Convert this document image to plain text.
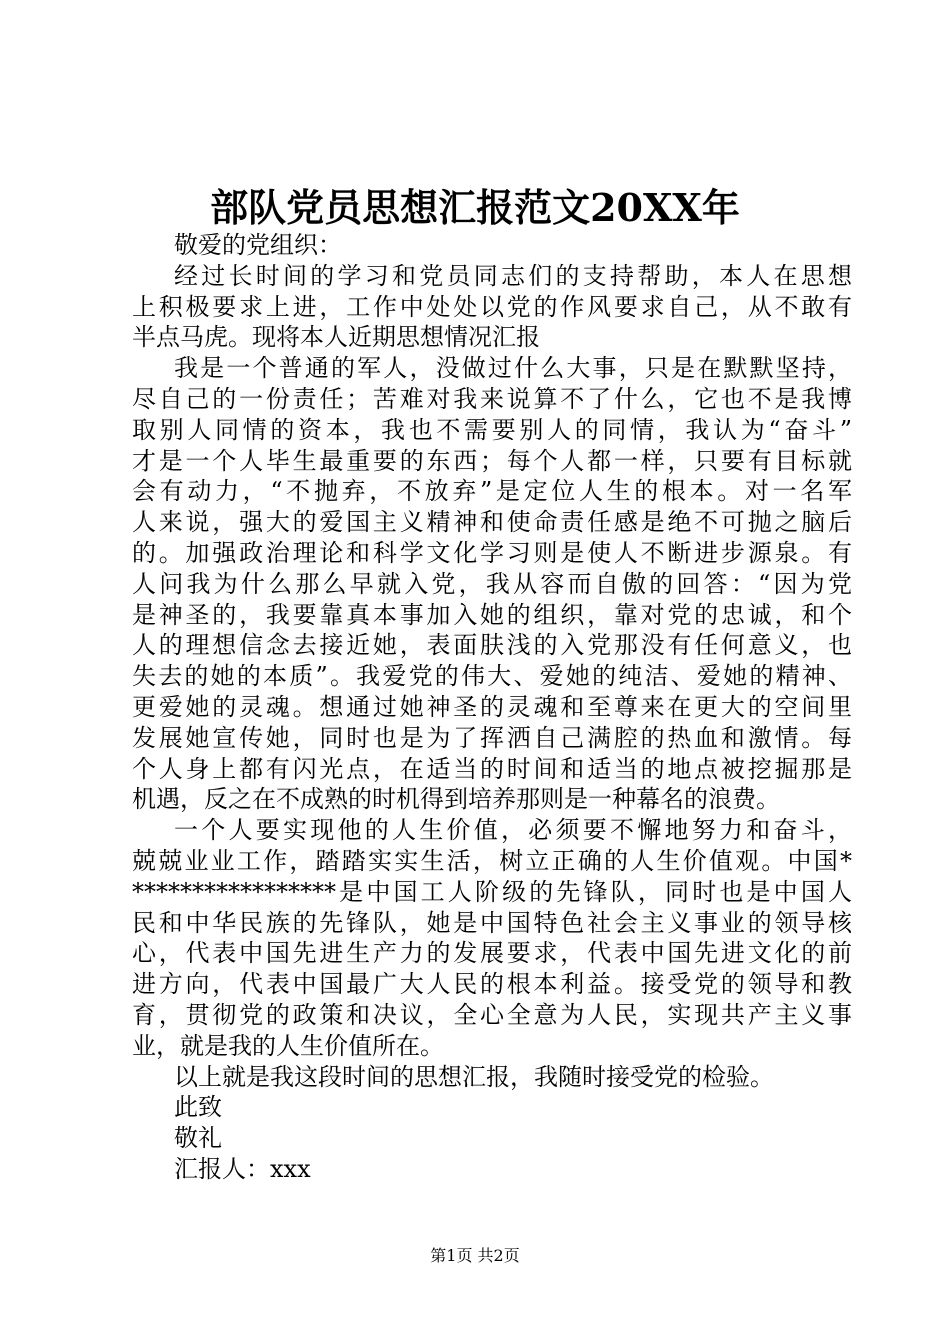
部队党员思想汇报范文20XX年
敬爱的党组织：
经过长时间的学习和党员同志们的支持帮助，本人在思想
上积极要求上进，工作中处处以党的作风要求自己，从不敢有
半点马虎。现将本人近期思想情况汇报
我是一个普通的军人，没做过什么大事，只是在默默坚持，
尽自己的一份责任；苦难对我来说算不了什么，它也不是我博
取别人同情的资本，我也不需要别人的同情，我认为“奋斗”
才是一个人毕生最重要的东西；每个人都一样，只要有目标就
会有动力，“不抛弃，不放弃”是定位人生的根本。对一名军
人来说，强大的爱国主义精神和使命责任感是绝不可抛之脑后
的。加强政治理论和科学文化学习则是使人不断进步源泉。有
人问我为什么那么早就入党，我从容而自傲的回答：“因为党
是神圣的，我要靠真本事加入她的组织，靠对党的忠诚，和个
人的理想信念去接近她，表面肤浅的入党那没有任何意义，也
失去的她的本质”。我爱党的伟大、爱她的纯洁、爱她的精神、
更爱她的灵魂。想通过她神圣的灵魂和至尊来在更大的空间里
发展她宣传她，同时也是为了挥洒自己满腔的热血和激情。每
个人身上都有闪光点，在适当的时间和适当的地点被挖掘那是
机遇，反之在不成熟的时机得到培养那则是一种幕名的浪费。
一个人要实现他的人生价值，必须要不懈地努力和奋斗，
兢兢业业工作，踏踏实实生活，树立正确的人生价值观。中国*
*****************是中国工人阶级的先锋队，同时也是中国人
民和中华民族的先锋队，她是中国特色社会主义事业的领导核
心，代表中国先进生产力的发展要求，代表中国先进文化的前
进方向，代表中国最广大人民的根本利益。接受党的领导和教
育，贯彻党的政策和决议，全心全意为人民，实现共产主义事
业，就是我的人生价值所在。
以上就是我这段时间的思想汇报，我随时接受党的检验。
此致
敬礼
汇报人：xxx
第1页 共2页
